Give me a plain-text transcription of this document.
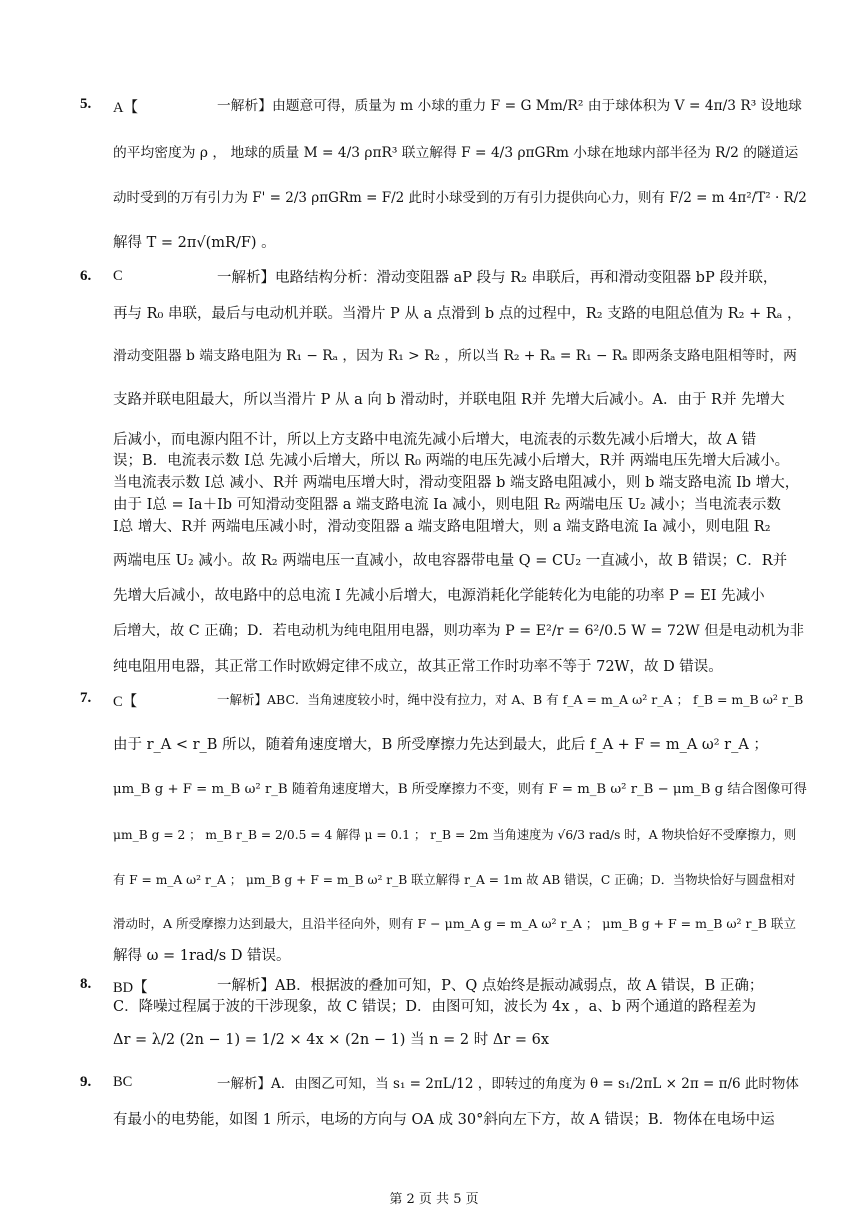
5.	A【	一解析】由题意可得，质量为 m 小球的重力 F = G Mm/R² 由于球体积为 V = 4π/3 R³ 设地球
的平均密度为 ρ ， 地球的质量 M = 4/3 ρπR³ 联立解得 F = 4/3 ρπGRm 小球在地球内部半径为 R/2 的隧道运
动时受到的万有引力为 F' = 2/3 ρπGRm = F/2 此时小球受到的万有引力提供向心力，则有 F/2 = m 4π²/T² · R/2
解得 T = 2π√(mR/F) 。
6.	C	一解析】电路结构分析：滑动变阻器 aP 段与 R₂ 串联后，再和滑动变阻器 bP 段并联，
再与 R₀ 串联，最后与电动机并联。当滑片 P 从 a 点滑到 b 点的过程中，R₂ 支路的电阻总值为 R₂ + Rₐ ，
滑动变阻器 b 端支路电阻为 R₁ − Rₐ ，因为 R₁ > R₂ ，所以当 R₂ + Rₐ = R₁ − Rₐ 即两条支路电阻相等时，两
支路并联电阻最大，所以当滑片 P 从 a 向 b 滑动时，并联电阻 R并 先增大后减小。A．由于 R并 先增大
后减小，而电源内阻不计，所以上方支路中电流先减小后增大，电流表的示数先减小后增大，故 A 错
误；B．电流表示数 I总 先减小后增大，所以 R₀ 两端的电压先减小后增大，R并 两端电压先增大后减小。
当电流表示数 I总 减小、R并 两端电压增大时，滑动变阻器 b 端支路电阻减小，则 b 端支路电流 Ib 增大，
由于 I总 = Ia＋Ib 可知滑动变阻器 a 端支路电流 Ia 减小，则电阻 R₂ 两端电压 U₂ 减小；当电流表示数
I总 增大、R并 两端电压减小时，滑动变阻器 a 端支路电阻增大，则 a 端支路电流 Ia 减小，则电阻 R₂
两端电压 U₂ 减小。故 R₂ 两端电压一直减小，故电容器带电量 Q = CU₂ 一直减小，故 B 错误；C．R并
先增大后减小，故电路中的总电流 I 先减小后增大，电源消耗化学能转化为电能的功率 P = EI 先减小
后增大，故 C 正确；D．若电动机为纯电阻用电器，则功率为 P = E²/r = 6²/0.5 W = 72W 但是电动机为非
纯电阻用电器，其正常工作时欧姆定律不成立，故其正常工作时功率不等于 72W，故 D 错误。
7.	C【	一解析】ABC．当角速度较小时，绳中没有拉力，对 A、B 有 f_A = m_A ω² r_A ； f_B = m_B ω² r_B
由于 r_A < r_B 所以，随着角速度增大，B 所受摩擦力先达到最大，此后 f_A + F = m_A ω² r_A ；
μm_B g + F = m_B ω² r_B 随着角速度增大，B 所受摩擦力不变，则有 F = m_B ω² r_B − μm_B g 结合图像可得
μm_B g = 2 ； m_B r_B = 2/0.5 = 4 解得 μ = 0.1 ； r_B = 2m 当角速度为 √6/3 rad/s 时，A 物块恰好不受摩擦力，则
有 F = m_A ω² r_A ； μm_B g + F = m_B ω² r_B 联立解得 r_A = 1m 故 AB 错误，C 正确；D．当物块恰好与圆盘相对
滑动时，A 所受摩擦力达到最大，且沿半径向外，则有 F − μm_A g = m_A ω² r_A ； μm_B g + F = m_B ω² r_B 联立
解得 ω = 1rad/s D 错误。
8.	BD【	一解析】AB．根据波的叠加可知，P、Q 点始终是振动减弱点，故 A 错误，B 正确；
C．降噪过程属于波的干涉现象，故 C 错误；D．由图可知，波长为 4x ，a、b 两个通道的路程差为
Δr = λ/2 (2n − 1) = 1/2 × 4x × (2n − 1) 当 n = 2 时 Δr = 6x
9.	BC	一解析】A．由图乙可知，当 s₁ = 2πL/12 ，即转过的角度为 θ = s₁/2πL × 2π = π/6 此时物体
有最小的电势能，如图 1 所示，电场的方向与 OA 成 30°斜向左下方，故 A 错误；B．物体在电场中运
第 2 页 共 5 页
